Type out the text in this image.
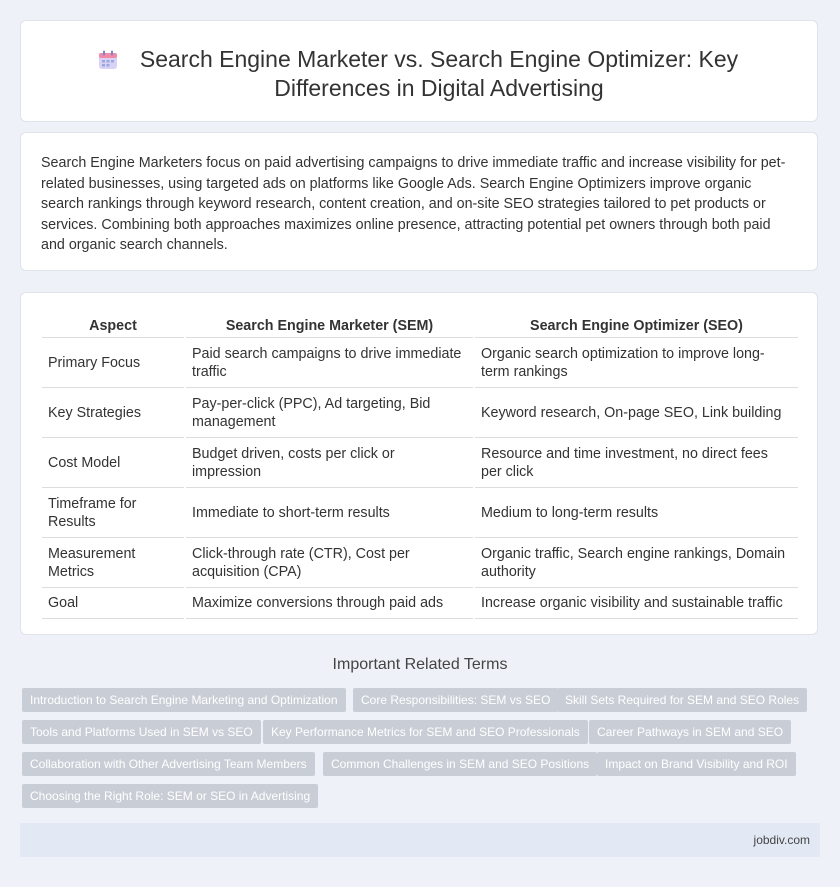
Search Engine Marketer vs. Search Engine Optimizer: Key Differences in Digital Advertising

Search Engine Marketers focus on paid advertising campaigns to drive immediate traffic and increase visibility for pet-related businesses, using targeted ads on platforms like Google Ads. Search Engine Optimizers improve organic search rankings through keyword research, content creation, and on-site SEO strategies tailored to pet products or services. Combining both approaches maximizes online presence, attracting potential pet owners through both paid and organic search channels.

Aspect	Search Engine Marketer (SEM)	Search Engine Optimizer (SEO)
Primary Focus	Paid search campaigns to drive immediate traffic	Organic search optimization to improve long-term rankings
Key Strategies	Pay-per-click (PPC), Ad targeting, Bid management	Keyword research, On-page SEO, Link building
Cost Model	Budget driven, costs per click or impression	Resource and time investment, no direct fees per click
Timeframe for Results	Immediate to short-term results	Medium to long-term results
Measurement Metrics	Click-through rate (CTR), Cost per acquisition (CPA)	Organic traffic, Search engine rankings, Domain authority
Goal	Maximize conversions through paid ads	Increase organic visibility and sustainable traffic
Important Related Terms
Introduction to Search Engine Marketing and Optimization	Core Responsibilities: SEM vs SEO	Skill Sets Required for SEM and SEO Roles
Tools and Platforms Used in SEM vs SEO	Key Performance Metrics for SEM and SEO Professionals	Career Pathways in SEM and SEO
Collaboration with Other Advertising Team Members	Common Challenges in SEM and SEO Positions	Impact on Brand Visibility and ROI
Choosing the Right Role: SEM or SEO in Advertising
jobdiv.com
